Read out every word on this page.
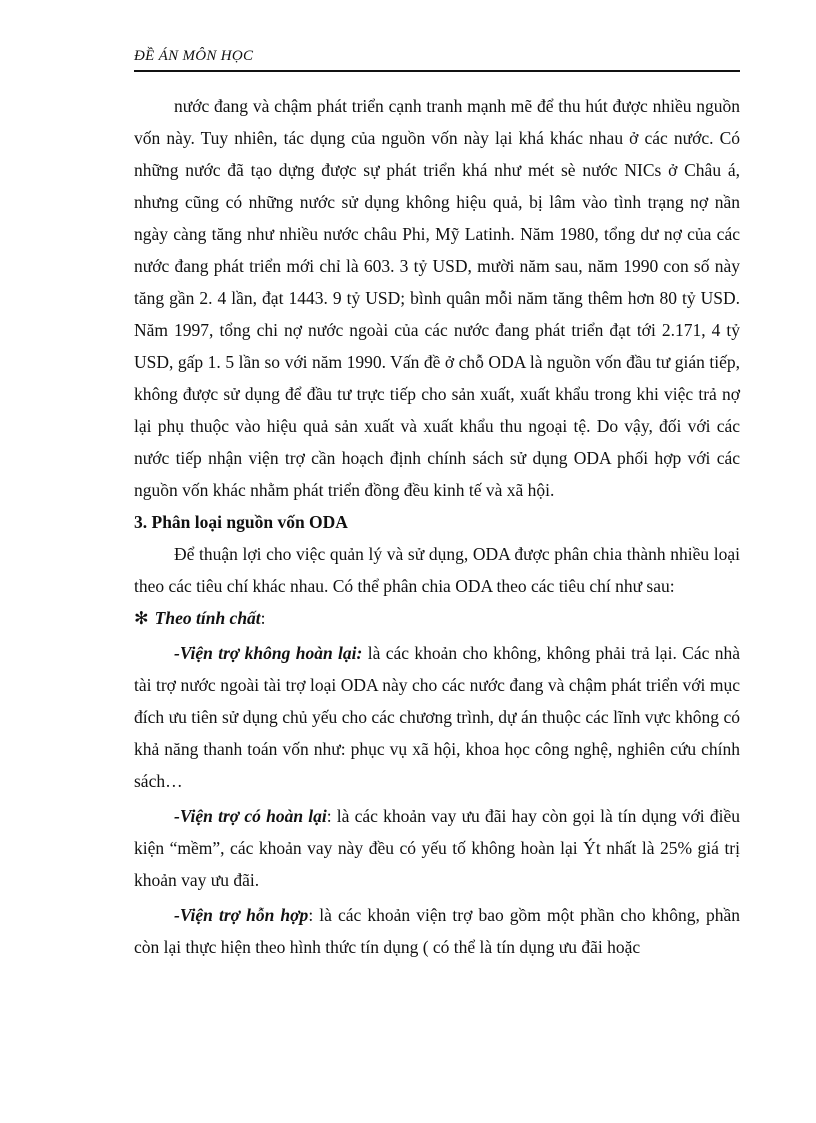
ĐỀ ÁN MÔN HỌC

nước đang và chậm phát triển cạnh tranh mạnh mẽ để thu hút được nhiều nguồn vốn này. Tuy nhiên, tác dụng của nguồn vốn này lại khá khác nhau ở các nước. Có những nước đã tạo dựng được sự phát triển khá như mét sè nước NICs ở Châu á, nhưng cũng có những nước sử dụng không hiệu quả, bị lâm vào tình trạng nợ nần ngày càng tăng như nhiều nước châu Phi, Mỹ Latinh. Năm 1980, tổng dư nợ của các nước đang phát triển mới chỉ là 603. 3 tỷ USD, mười năm sau, năm 1990 con số này tăng gần 2. 4 lần, đạt 1443. 9 tỷ USD; bình quân mỗi năm tăng thêm hơn 80 tỷ USD. Năm 1997, tổng chi nợ nước ngoài của các nước đang phát triển đạt tới 2.171, 4 tỷ USD, gấp 1. 5 lần so với năm 1990. Vấn đề ở chỗ ODA là nguồn vốn đầu tư gián tiếp, không được sử dụng để đầu tư trực tiếp cho sản xuất, xuất khẩu trong khi việc trả nợ lại phụ thuộc vào hiệu quả sản xuất và xuất khẩu thu ngoại tệ. Do vậy, đối với các nước tiếp nhận viện trợ cần hoạch định chính sách sử dụng ODA phối hợp với các nguồn vốn khác nhằm phát triển đồng đều kinh tế và xã hội.

3. Phân loại nguồn vốn ODA

Để thuận lợi cho việc quản lý và sử dụng, ODA được phân chia thành nhiều loại theo các tiêu chí khác nhau. Có thể phân chia ODA theo các tiêu chí như sau:

✻ Theo tính chất:

-Viện trợ không hoàn lại: là các khoản cho không, không phải trả lại. Các nhà tài trợ nước ngoài tài trợ loại ODA này cho các nước đang và chậm phát triển với mục đích ưu tiên sử dụng chủ yếu cho các chương trình, dự án thuộc các lĩnh vực không có khả năng thanh toán vốn như: phục vụ xã hội, khoa học công nghệ, nghiên cứu chính sách…

-Viện trợ có hoàn lại: là các khoản vay ưu đãi hay còn gọi là tín dụng với điều kiện “mềm”, các khoản vay này đều có yếu tố không hoàn lại Ýt nhất là 25% giá trị khoản vay ưu đãi.

-Viện trợ hỗn hợp: là các khoản viện trợ bao gồm một phần cho không, phần còn lại thực hiện theo hình thức tín dụng ( có thể là tín dụng ưu đãi hoặc
